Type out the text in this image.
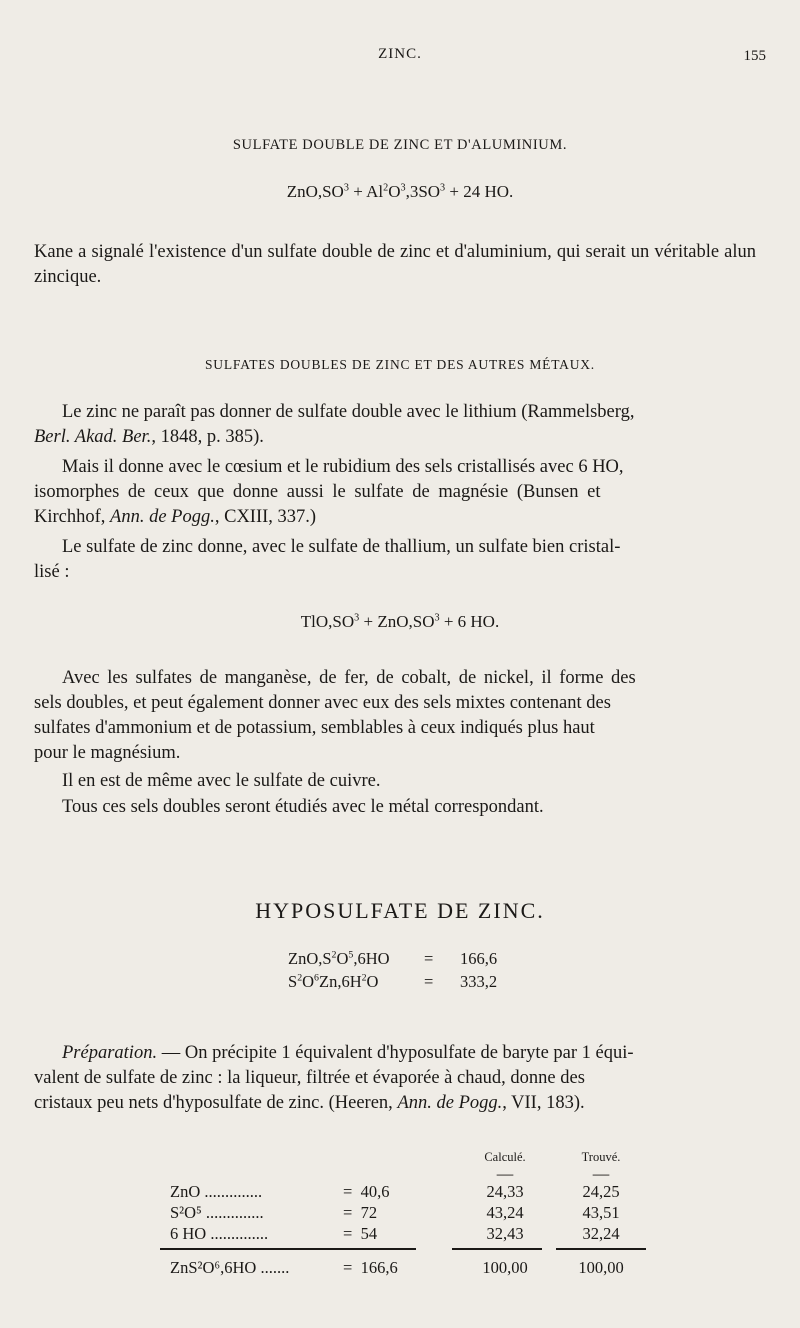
ZINC.	155
SULFATE DOUBLE DE ZINC ET D'ALUMINIUM.
$ZnO,SO^3 + Al^2O^3,3SO^3 + 24$ HO.
Kane a signalé l'existence d'un sulfate double de zinc et d'aluminium, qui serait un véritable alun zincique.
SULFATES DOUBLES DE ZINC ET DES AUTRES MÉTAUX.
Le zinc ne paraît pas donner de sulfate double avec le lithium (Rammelsberg,
Berl. Akad. Ber., 1848, p. 385).
Mais il donne avec le cœsium et le rubidium des sels cristallisés avec 6 HO,
isomorphes de ceux que donne aussi le sulfate de magnésie (Bunsen et
Kirchhof, Ann. de Pogg., CXIII, 337.)
Le sulfate de zinc donne, avec le sulfate de thallium, un sulfate bien cristal-
lisé :
$TlO,SO^3 + ZnO,SO^3 + 6$ HO.
Avec les sulfates de manganèse, de fer, de cobalt, de nickel, il forme des
sels doubles, et peut également donner avec eux des sels mixtes contenant des
sulfates d'ammonium et de potassium, semblables à ceux indiqués plus haut
pour le magnésium.
Il en est de même avec le sulfate de cuivre.
Tous ces sels doubles seront étudiés avec le métal correspondant.
HYPOSULFATE DE ZINC.
$ZnO,S^2O^5,6HO = 166,6$
$S^2O^6Zn,6H^2O$	= 333,2
Préparation. — On précipite 1 équivalent d'hyposulfate de baryte par 1 équi-
valent de sulfate de zinc : la liqueur, filtrée et évaporée à chaud, donne des
cristaux peu nets d'hyposulfate de zinc. (Heeren, Ann. de Pogg., VII, 183).
Calculé.	Trouvé.
—	—
ZnO ..............	= 40,6	24,33	24,25
S²O⁵ ..............	= 72	43,24	43,51
6 HO ..............	= 54	32,43	32,24
ZnS²O⁶,6HO .......	= 166,6	100,00	100,00
